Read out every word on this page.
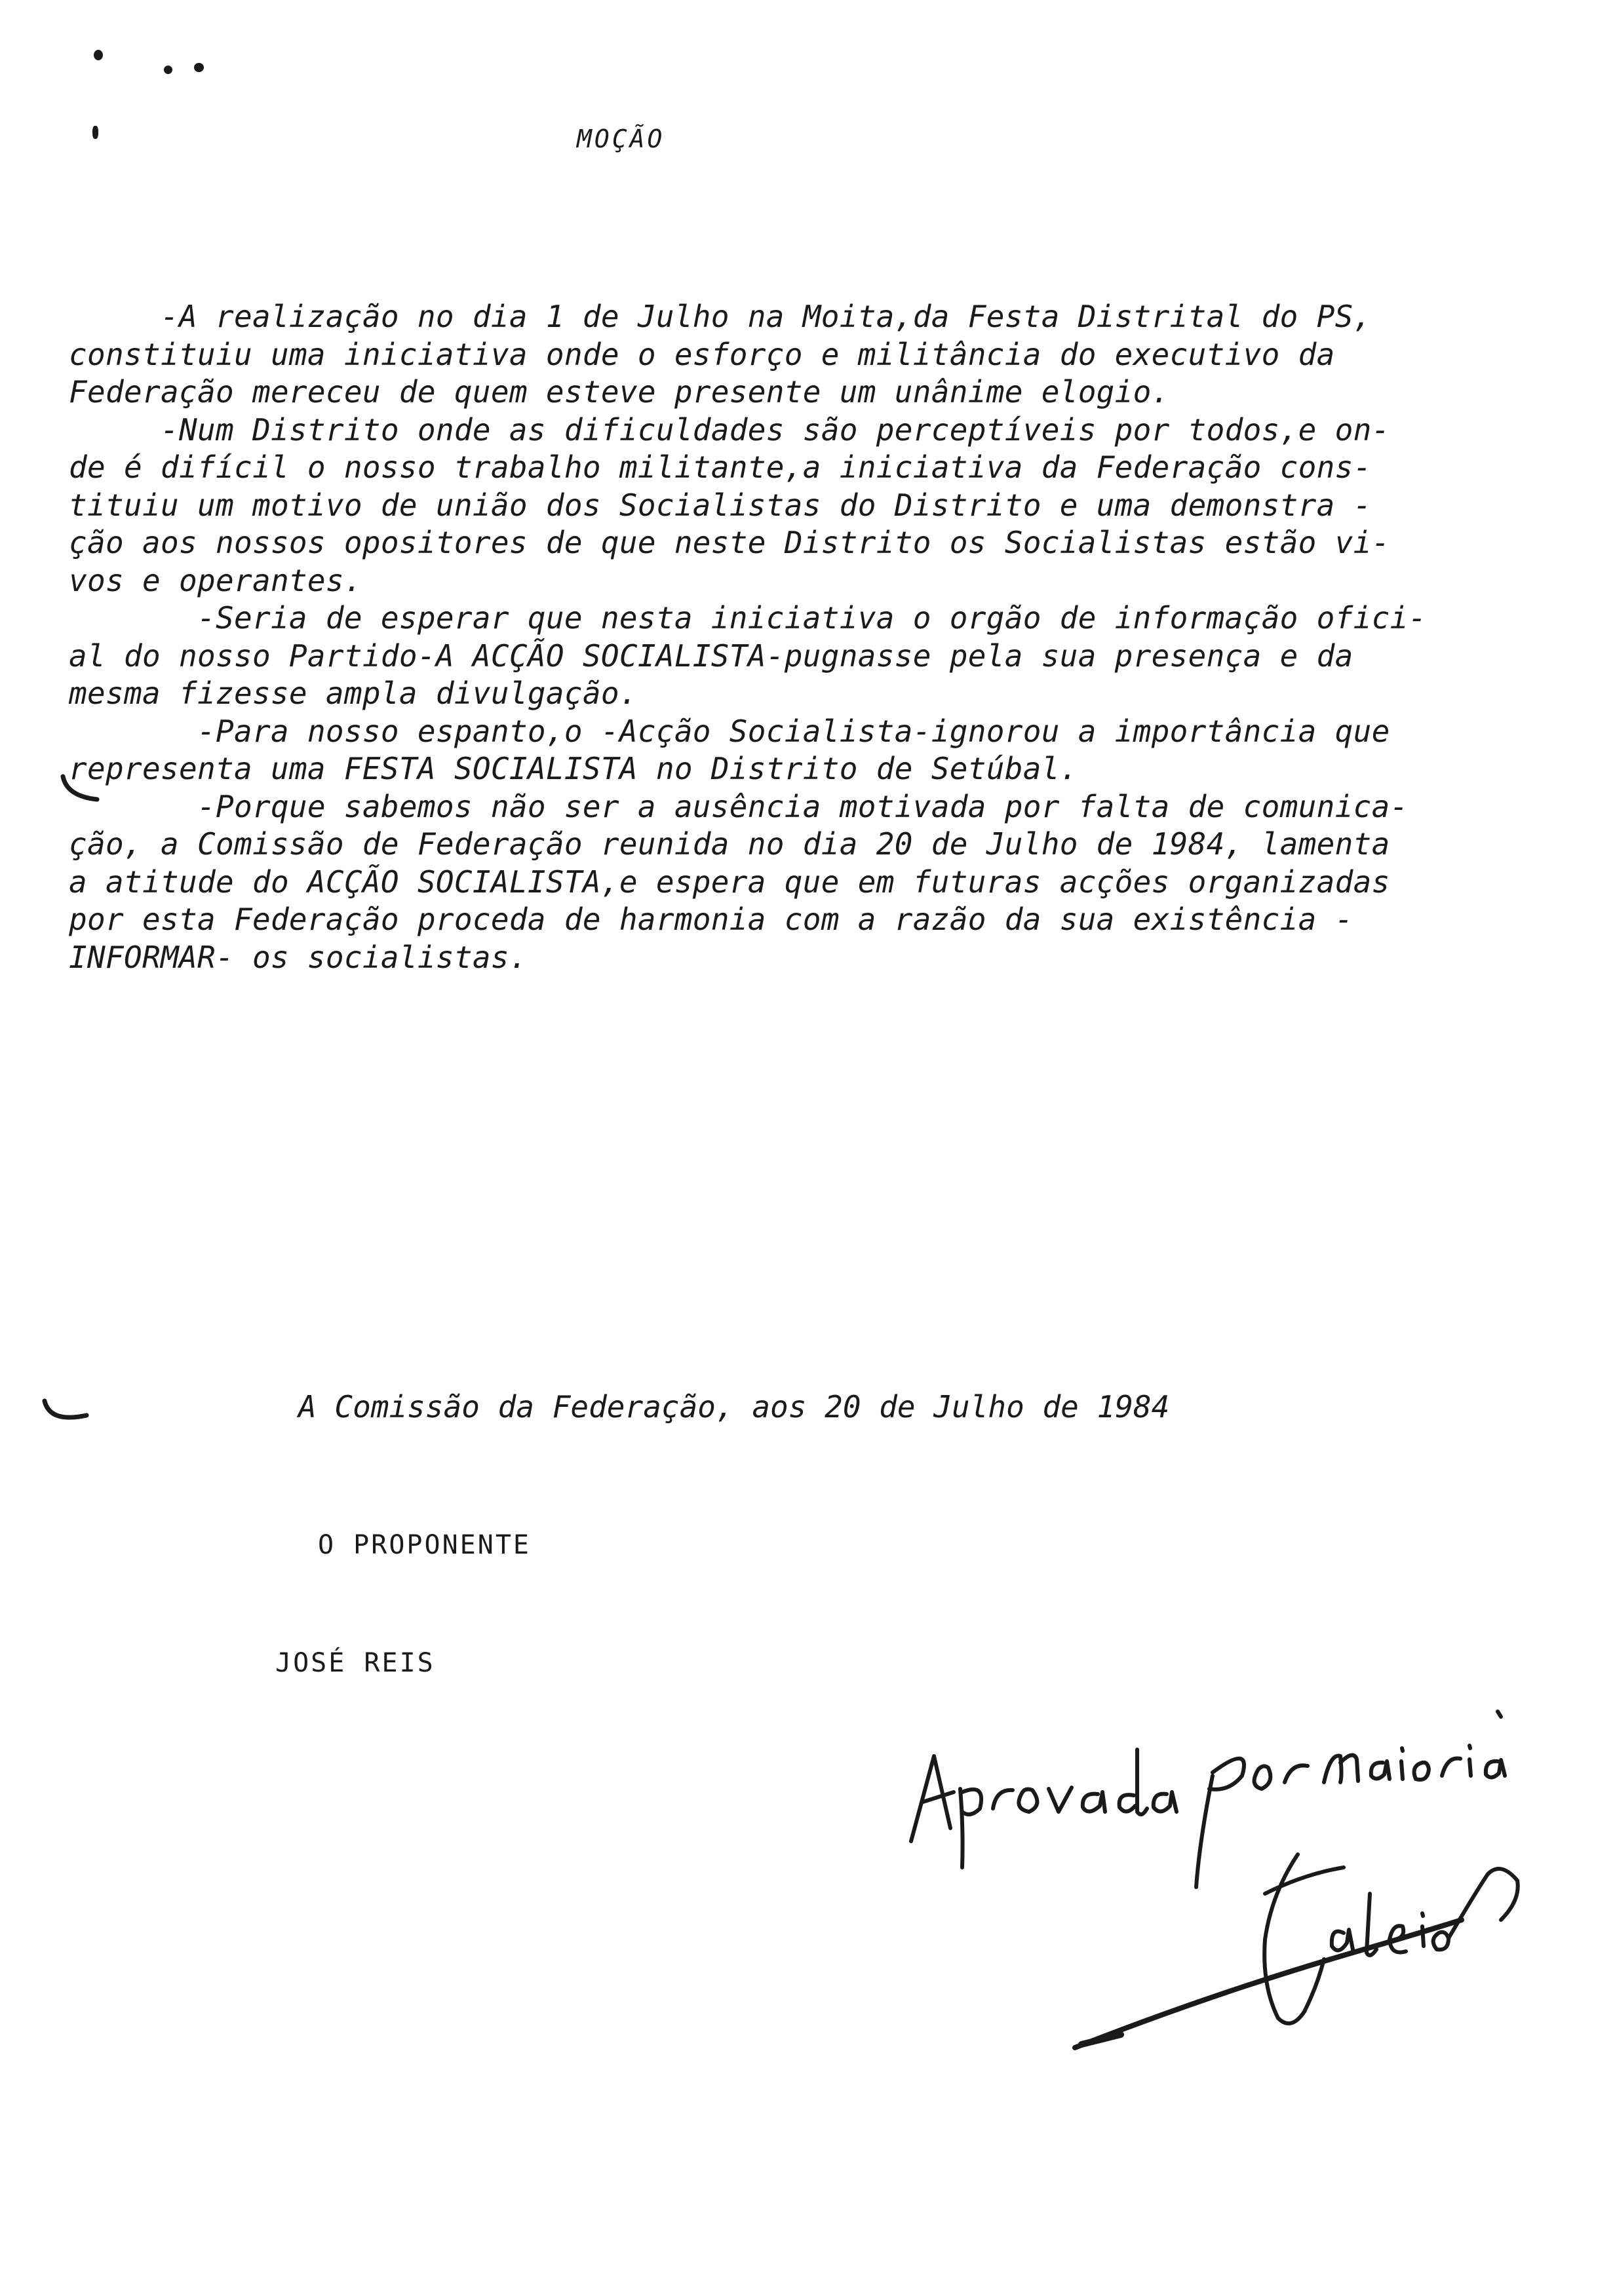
MOÇÃO
-A realização no dia 1 de Julho na Moita,da Festa Distrital do PS,
constituiu uma iniciativa onde o esforço e militância do executivo da
Federação mereceu de quem esteve presente um unânime elogio.
-Num Distrito onde as dificuldades são perceptíveis por todos,e on-
de é difícil o nosso trabalho militante,a iniciativa da Federação cons-
tituiu um motivo de união dos Socialistas do Distrito e uma demonstra -
ção aos nossos opositores de que neste Distrito os Socialistas estão vi-
vos e operantes.
-Seria de esperar que nesta iniciativa o orgão de informação ofici-
al do nosso Partido-A ACÇÃO SOCIALISTA-pugnasse pela sua presença e da
mesma fizesse ampla divulgação.
-Para nosso espanto,o -Acção Socialista-ignorou a importância que
representa uma FESTA SOCIALISTA no Distrito de Setúbal.
-Porque sabemos não ser a ausência motivada por falta de comunica-
ção, a Comissão de Federação reunida no dia 20 de Julho de 1984, lamenta
a atitude do ACÇÃO SOCIALISTA,e espera que em futuras acções organizadas
por esta Federação proceda de harmonia com a razão da sua existência -
INFORMAR- os socialistas.
A Comissão da Federação, aos 20 de Julho de 1984
O PROPONENTE
JOSÉ REIS
